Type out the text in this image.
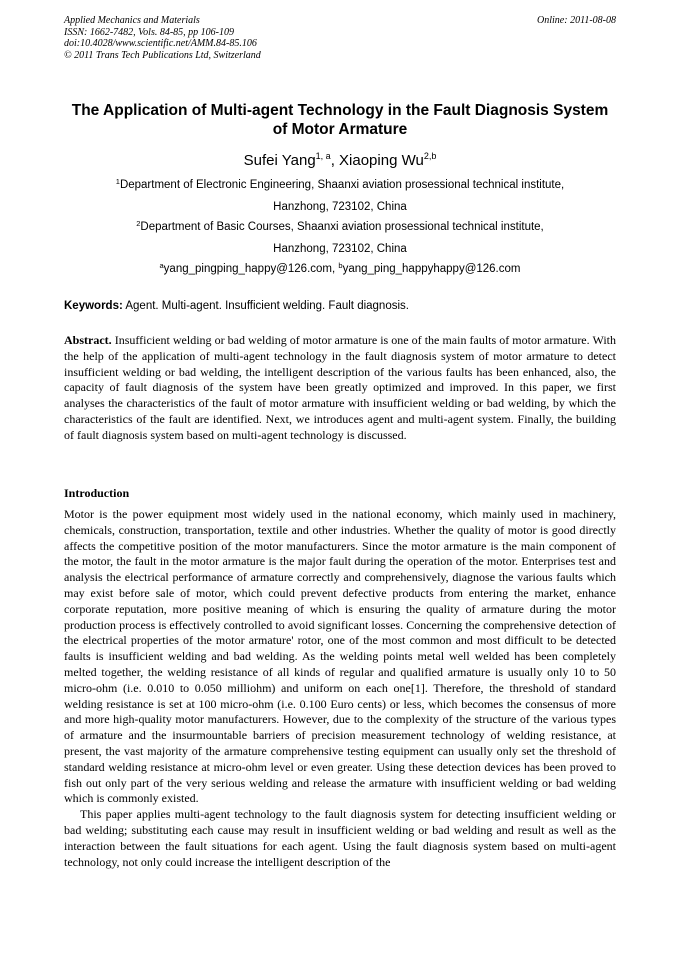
Applied Mechanics and Materials
ISSN: 1662-7482, Vols. 84-85, pp 106-109
doi:10.4028/www.scientific.net/AMM.84-85.106
© 2011 Trans Tech Publications Ltd, Switzerland
Online: 2011-08-08
The Application of Multi-agent Technology in the Fault Diagnosis System of Motor Armature
Sufei Yang$^{1, a}$, Xiaoping Wu$^{2,b}$
$^1$Department of Electronic Engineering, Shaanxi aviation prosessional technical institute,
Hanzhong, 723102, China
$^2$Department of Basic Courses, Shaanxi aviation prosessional technical institute,
Hanzhong, 723102, China
$^a$yang_pingping_happy@126.com, $^b$yang_ping_happyhappy@126.com
Keywords: Agent. Multi-agent. Insufficient welding. Fault diagnosis.
Abstract. Insufficient welding or bad welding of motor armature is one of the main faults of motor armature. With the help of the application of multi-agent technology in the fault diagnosis system of motor armature to detect insufficient welding or bad welding, the intelligent description of the various faults has been enhanced, also, the capacity of fault diagnosis of the system have been greatly optimized and improved. In this paper, we first analyses the characteristics of the fault of motor armature with insufficient welding or bad welding, by which the characteristics of the fault are identified. Next, we introduces agent and multi-agent system. Finally, the building of fault diagnosis system based on multi-agent technology is discussed.
Introduction
Motor is the power equipment most widely used in the national economy, which mainly used in machinery, chemicals, construction, transportation, textile and other industries. Whether the quality of motor is good directly affects the competitive position of the motor manufacturers. Since the motor armature is the main component of the motor, the fault in the motor armature is the major fault during the operation of the motor. Enterprises test and analysis the electrical performance of armature correctly and comprehensively, diagnose the various faults which may exist before sale of motor, which could prevent defective products from entering the market, enhance corporate reputation, more positive meaning of which is ensuring the quality of armature during the motor production process is effectively controlled to avoid significant losses. Concerning the comprehensive detection of the electrical properties of the motor armature' rotor, one of the most common and most difficult to be detected faults is insufficient welding and bad welding. As the welding points metal well welded has been completely melted together, the welding resistance of all kinds of regular and qualified armature is usually only 10 to 50 micro-ohm (i.e. 0.010 to 0.050 milliohm) and uniform on each one[1]. Therefore, the threshold of standard welding resistance is set at 100 micro-ohm (i.e. 0.100 Euro cents) or less, which becomes the consensus of more and more high-quality motor manufacturers. However, due to the complexity of the structure of the various types of armature and the insurmountable barriers of precision measurement technology of welding resistance, at present, the vast majority of the armature comprehensive testing equipment can usually only set the threshold of standard welding resistance at micro-ohm level or even greater. Using these detection devices has been proved to fish out only part of the very serious welding and release the armature with insufficient welding or bad welding which is commonly existed.
This paper applies multi-agent technology to the fault diagnosis system for detecting insufficient welding or bad welding; substituting each cause may result in insufficient welding or bad welding and result as well as the interaction between the fault situations for each agent. Using the fault diagnosis system based on multi-agent technology, not only could increase the intelligent description of the
